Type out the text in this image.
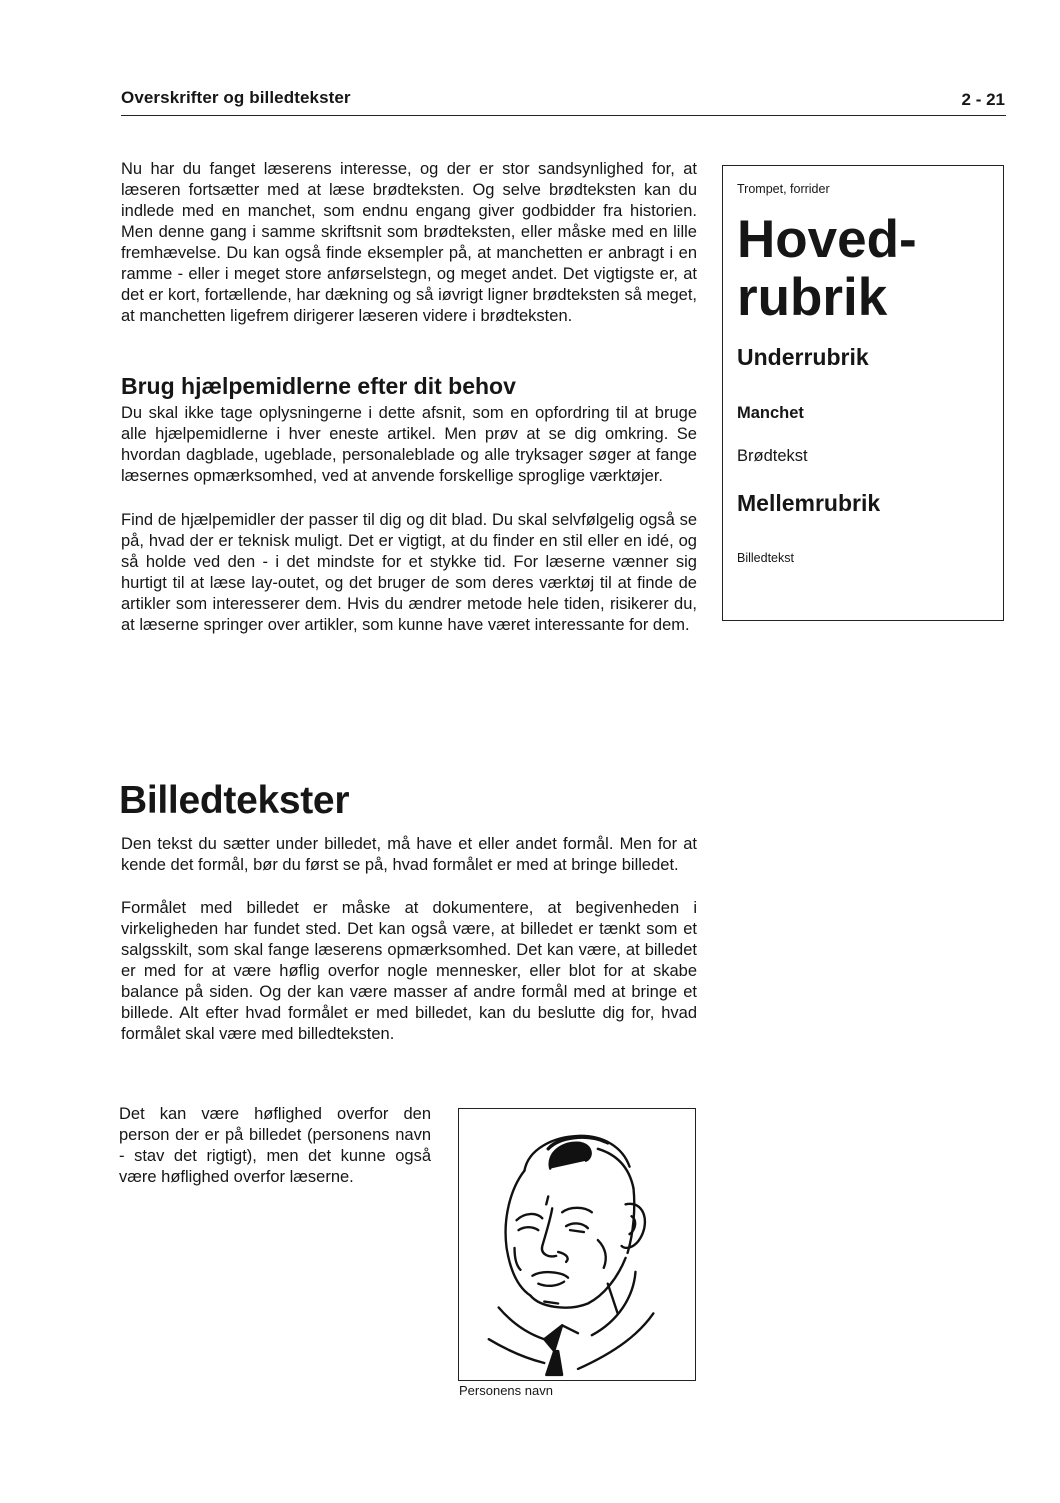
Overskrifter og billedtekster	2 - 21

Nu har du fanget læserens interesse, og der er stor sandsynlighed for, at læseren fortsætter med at læse brødteksten. Og selve brødteksten kan du indlede med en manchet, som endnu engang giver godbidder fra historien. Men denne gang i samme skriftsnit som brødteksten, eller måske med en lille fremhævelse. Du kan også finde eksempler på, at manchetten er anbragt i en ramme - eller i meget store anførselstegn, og meget andet. Det vigtigste er, at det er kort, fortællende, har dækning og så iøvrigt ligner brødteksten så meget, at manchetten ligefrem dirigerer læseren videre i brødteksten.

Brug hjælpemidlerne efter dit behov

Du skal ikke tage oplysningerne i dette afsnit, som en opfordring til at bruge alle hjælpemidlerne i hver eneste artikel. Men prøv at se dig omkring. Se hvordan dagblade, ugeblade, personaleblade og alle tryksager søger at fange læsernes opmærksomhed, ved at anvende forskellige sproglige værktøjer.

Find de hjælpemidler der passer til dig og dit blad. Du skal selvfølgelig også se på, hvad der er teknisk muligt. Det er vigtigt, at du finder en stil eller en idé, og så holde ved den - i det mindste for et stykke tid. For læserne vænner sig hurtigt til at læse lay-outet, og det bruger de som deres værktøj til at finde de artikler som interesserer dem. Hvis du ændrer metode hele tiden, risikerer du, at læserne springer over artikler, som kunne have været interessante for dem.

Trompet, forrider
Hoved-
rubrik
Underrubrik
Manchet
Brødtekst
Mellemrubrik
Billedtekst
Billedtekster

Den tekst du sætter under billedet, må have et eller andet formål. Men for at kende det formål, bør du først se på, hvad formålet er med at bringe billedet.

Formålet med billedet er måske at dokumentere, at begivenheden i virkeligheden har fundet sted. Det kan også være, at billedet er tænkt som et salgsskilt, som skal fange læserens opmærksomhed. Det kan være, at billedet er med for at være høflig overfor nogle mennesker, eller blot for at skabe balance på siden. Og der kan være masser af andre formål med at bringe et billede. Alt efter hvad formålet er med billedet, kan du beslutte dig for, hvad formålet skal være med billedteksten.

Det kan være høflighed overfor den person der er på billedet (personens navn - stav det rigtigt), men det kunne også være høflighed overfor læserne.

Personens navn
